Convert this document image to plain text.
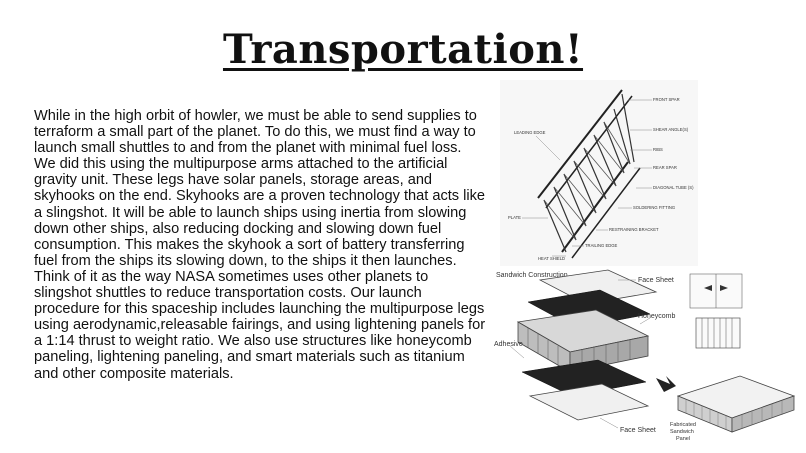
Transportation!

While in the high orbit of howler, we must be able to send supplies to terraform a small part of the planet. To do this, we must find a way to launch small shuttles to and from the planet with minimal fuel loss. We did this using the multipurpose arms attached to the artificial gravity unit. These legs have solar panels, storage areas, and skyhooks on the end. Skyhooks are a proven technology that acts like a slingshot. It will be able to launch ships using inertia from slowing down other ships, also reducing docking and slowing down fuel consumption. This makes the skyhook a sort of battery transferring fuel from the ships its slowing down, to the ships it then launches. Think of it as the way NASA sometimes uses other planets to slingshot shuttles to reduce transportation costs. Our launch procedure for this spaceship includes launching the multipurpose legs using aerodynamic,releasable fairings, and using lightening panels for a 1:14 thrust to weight ratio. We also use structures like honeycomb paneling, lightening paneling, and smart materials such as titanium and other composite materials.

FRONT SPAR
LEADING EDGE
SHEAR ANGLE(S)
RIBS
REAR SPAR
DIAGONAL TUBE (S)
SOLDERING FITTING
PLATE
RESTRAINING BRACKET
TRAILING EDGE
HEAT SHIELD
Sandwich Construction
Face Sheet
Honeycomb
Adhesive
Face Sheet
Fabricated
Sandwich
Panel
